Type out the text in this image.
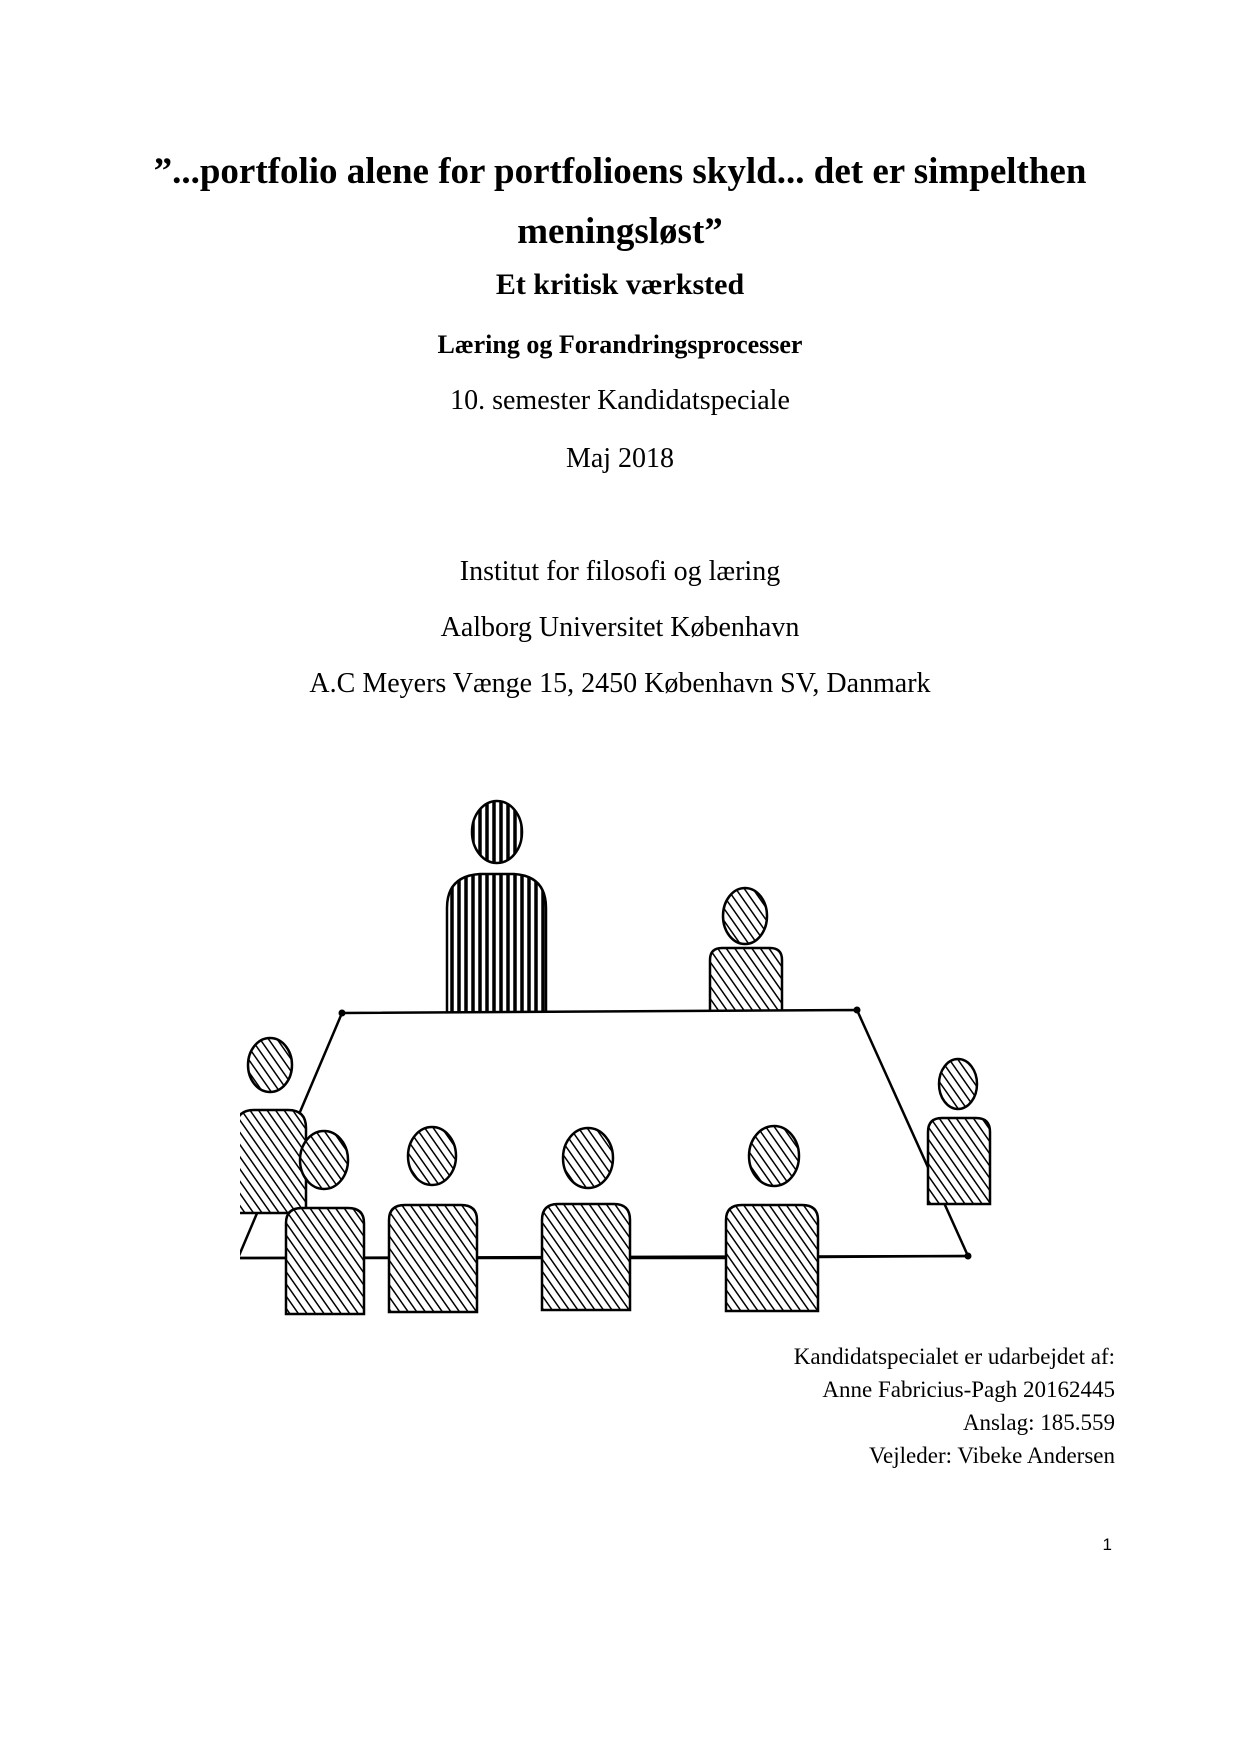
”...portfolio alene for portfolioens skyld... det er simpelthen meningsløst”
Et kritisk værksted
Læring og Forandringsprocesser
10. semester Kandidatspeciale
Maj 2018
Institut for filosofi og læring
Aalborg Universitet København
A.C Meyers Vænge 15, 2450 København SV, Danmark
Kandidatspecialet er udarbejdet af:
Anne Fabricius-Pagh 20162445
Anslag: 185.559
Vejleder: Vibeke Andersen
1
